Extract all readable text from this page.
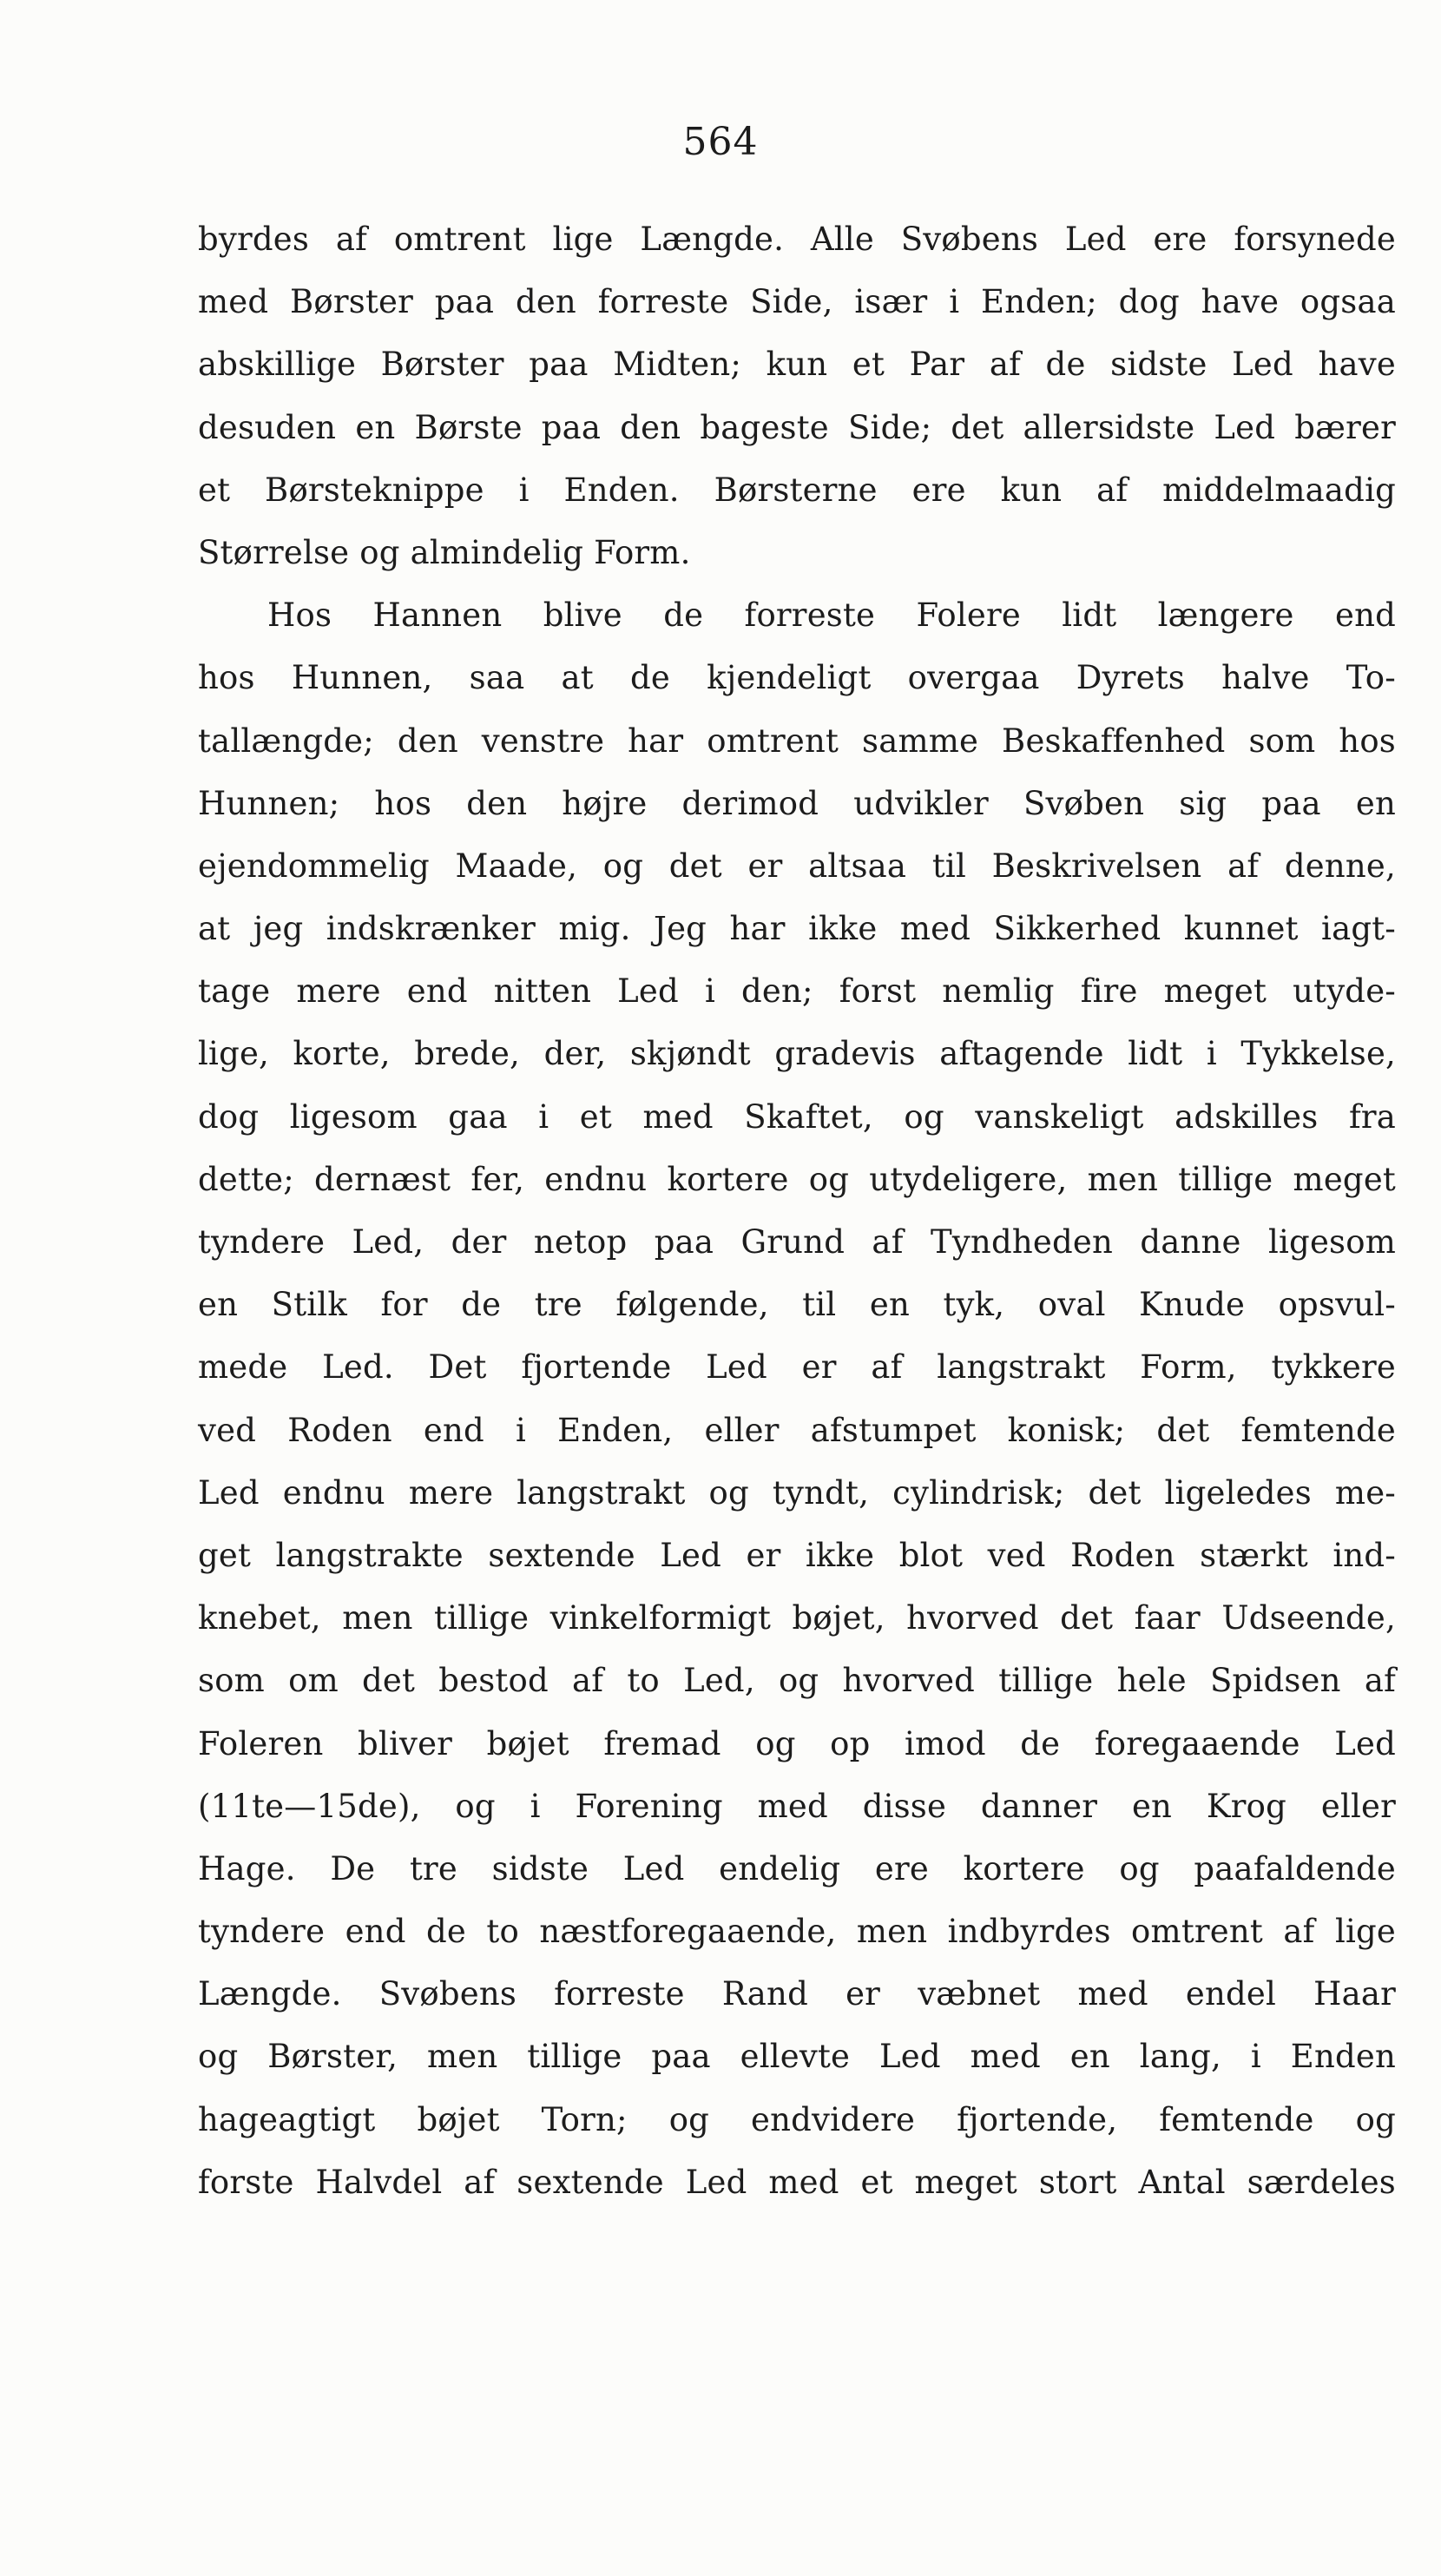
564
byrdes af omtrent lige Længde. Alle Svøbens Led ere forsynede
med Børster paa den forreste Side, især i Enden; dog have ogsaa
abskillige Børster paa Midten; kun et Par af de sidste Led have
desuden en Børste paa den bageste Side; det allersidste Led bærer
et Børsteknippe i Enden. Børsterne ere kun af middelmaadig
Størrelse og almindelig Form.
Hos Hannen blive de forreste Folere lidt længere end
hos Hunnen, saa at de kjendeligt overgaa Dyrets halve To-
tallængde; den venstre har omtrent samme Beskaffenhed som hos
Hunnen; hos den højre derimod udvikler Svøben sig paa en
ejendommelig Maade, og det er altsaa til Beskrivelsen af denne,
at jeg indskrænker mig. Jeg har ikke med Sikkerhed kunnet iagt-
tage mere end nitten Led i den; forst nemlig fire meget utyde-
lige, korte, brede, der, skjøndt gradevis aftagende lidt i Tykkelse,
dog ligesom gaa i et med Skaftet, og vanskeligt adskilles fra
dette; dernæst fer, endnu kortere og utydeligere, men tillige meget
tyndere Led, der netop paa Grund af Tyndheden danne ligesom
en Stilk for de tre følgende, til en tyk, oval Knude opsvul-
mede Led. Det fjortende Led er af langstrakt Form, tykkere
ved Roden end i Enden, eller afstumpet konisk; det femtende
Led endnu mere langstrakt og tyndt, cylindrisk; det ligeledes me-
get langstrakte sextende Led er ikke blot ved Roden stærkt ind-
knebet, men tillige vinkelformigt bøjet, hvorved det faar Udseende,
som om det bestod af to Led, og hvorved tillige hele Spidsen af
Foleren bliver bøjet fremad og op imod de foregaaende Led
(11te—15de), og i Forening med disse danner en Krog eller
Hage. De tre sidste Led endelig ere kortere og paafaldende
tyndere end de to næstforegaaende, men indbyrdes omtrent af lige
Længde. Svøbens forreste Rand er væbnet med endel Haar
og Børster, men tillige paa ellevte Led med en lang, i Enden
hageagtigt bøjet Torn; og endvidere fjortende, femtende og
forste Halvdel af sextende Led med et meget stort Antal særdeles
